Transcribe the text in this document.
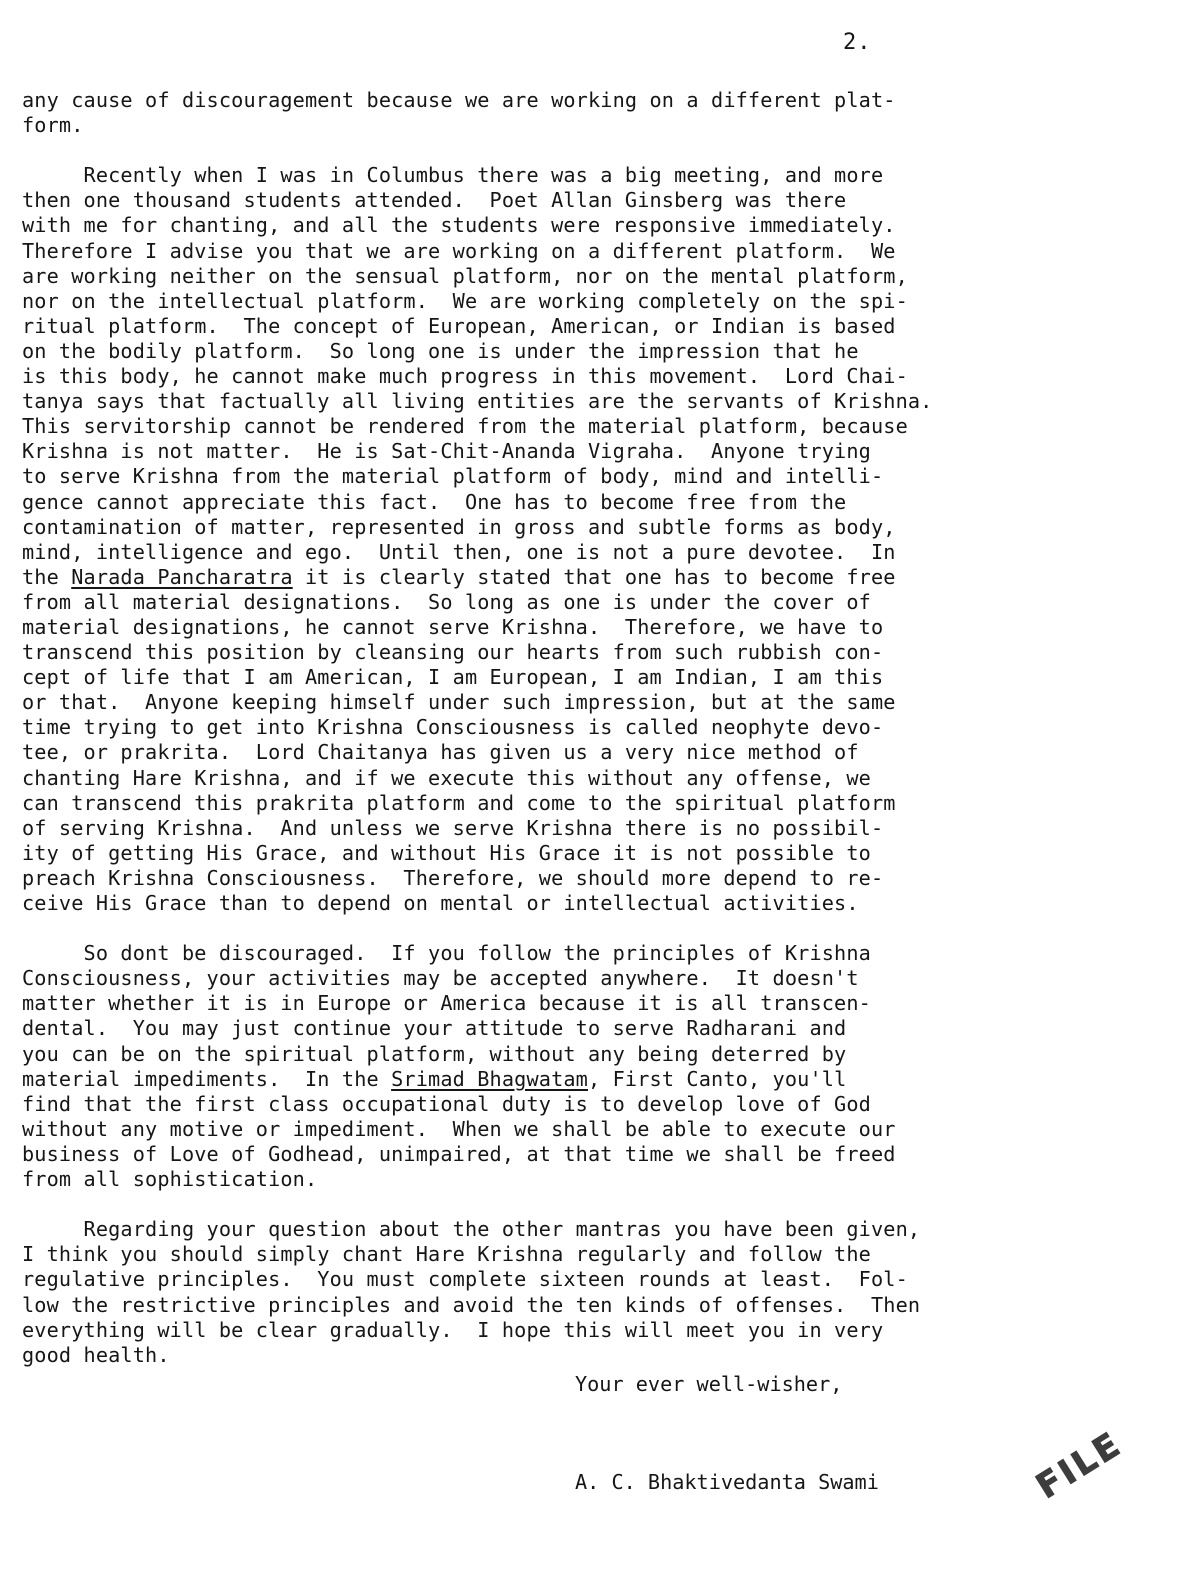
2.
any cause of discouragement because we are working on a different plat-
form.
Recently when I was in Columbus there was a big meeting, and more
then one thousand students attended.  Poet Allan Ginsberg was there
with me for chanting, and all the students were responsive immediately.
Therefore I advise you that we are working on a different platform.  We
are working neither on the sensual platform, nor on the mental platform,
nor on the intellectual platform.  We are working completely on the spi-
ritual platform.  The concept of European, American, or Indian is based
on the bodily platform.  So long one is under the impression that he
is this body, he cannot make much progress in this movement.  Lord Chai-
tanya says that factually all living entities are the servants of Krishna.
This servitorship cannot be rendered from the material platform, because
Krishna is not matter.  He is Sat-Chit-Ananda Vigraha.  Anyone trying
to serve Krishna from the material platform of body, mind and intelli-
gence cannot appreciate this fact.  One has to become free from the
contamination of matter, represented in gross and subtle forms as body,
mind, intelligence and ego.  Until then, one is not a pure devotee.  In
the Narada Pancharatra it is clearly stated that one has to become free
from all material designations.  So long as one is under the cover of
material designations, he cannot serve Krishna.  Therefore, we have to
transcend this position by cleansing our hearts from such rubbish con-
cept of life that I am American, I am European, I am Indian, I am this
or that.  Anyone keeping himself under such impression, but at the same
time trying to get into Krishna Consciousness is called neophyte devo-
tee, or prakrita.  Lord Chaitanya has given us a very nice method of
chanting Hare Krishna, and if we execute this without any offense, we
can transcend this prakrita platform and come to the spiritual platform
of serving Krishna.  And unless we serve Krishna there is no possibil-
ity of getting His Grace, and without His Grace it is not possible to
preach Krishna Consciousness.  Therefore, we should more depend to re-
ceive His Grace than to depend on mental or intellectual activities.
So dont be discouraged.  If you follow the principles of Krishna
Consciousness, your activities may be accepted anywhere.  It doesn't
matter whether it is in Europe or America because it is all transcen-
dental.  You may just continue your attitude to serve Radharani and
you can be on the spiritual platform, without any being deterred by
material impediments.  In the Srimad Bhagwatam, First Canto, you'll
find that the first class occupational duty is to develop love of God
without any motive or impediment.  When we shall be able to execute our
business of Love of Godhead, unimpaired, at that time we shall be freed
from all sophistication.
Regarding your question about the other mantras you have been given,
I think you should simply chant Hare Krishna regularly and follow the
regulative principles.  You must complete sixteen rounds at least.  Fol-
low the restrictive principles and avoid the ten kinds of offenses.  Then
everything will be clear gradually.  I hope this will meet you in very
good health.
Your ever well-wisher,
A. C. Bhaktivedanta Swami	FILE
